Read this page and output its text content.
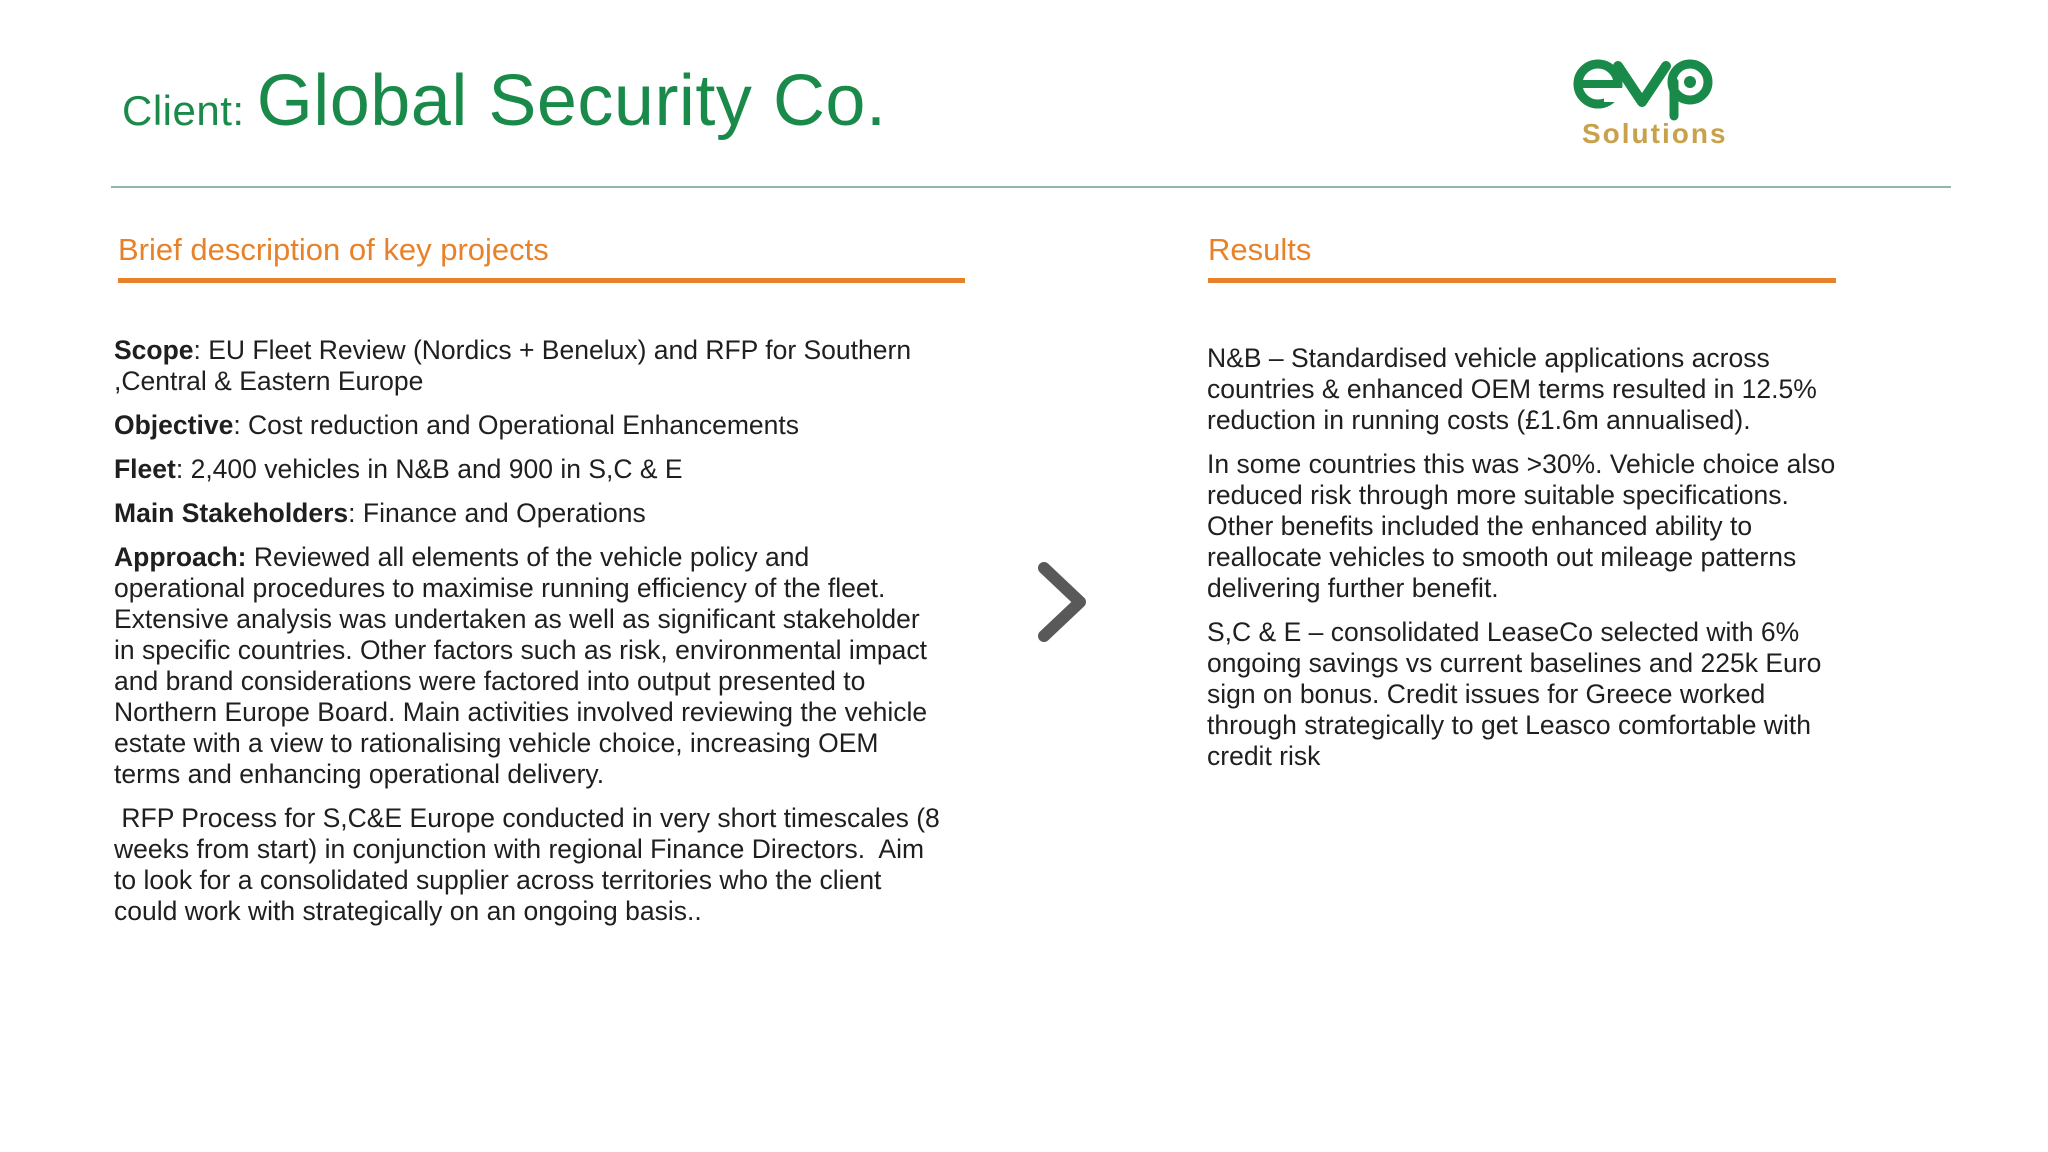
Client: Global Security Co.	Solutions
Brief description of key projects	Results

Scope: EU Fleet Review (Nordics + Benelux) and RFP for Southern ,Central & Eastern Europe

Objective: Cost reduction and Operational Enhancements

Fleet: 2,400 vehicles in N&B and 900 in S,C & E

Main Stakeholders: Finance and Operations

Approach: Reviewed all elements of the vehicle policy and operational procedures to maximise running efficiency of the fleet. Extensive analysis was undertaken as well as significant stakeholder in specific countries. Other factors such as risk, environmental impact and brand considerations were factored into output presented to Northern Europe Board. Main activities involved reviewing the vehicle estate with a view to rationalising vehicle choice, increasing OEM terms and enhancing operational delivery.

RFP Process for S,C&E Europe conducted in very short timescales (8 weeks from start) in conjunction with regional Finance Directors.  Aim to look for a consolidated supplier across territories who the client could work with strategically on an ongoing basis..

N&B – Standardised vehicle applications across countries & enhanced OEM terms resulted in 12.5% reduction in running costs (£1.6m annualised).

In some countries this was >30%. Vehicle choice also reduced risk through more suitable specifications. Other benefits included the enhanced ability to reallocate vehicles to smooth out mileage patterns delivering further benefit.

S,C & E – consolidated LeaseCo selected with 6% ongoing savings vs current baselines and 225k Euro sign on bonus. Credit issues for Greece worked through strategically to get Leasco comfortable with credit risk
